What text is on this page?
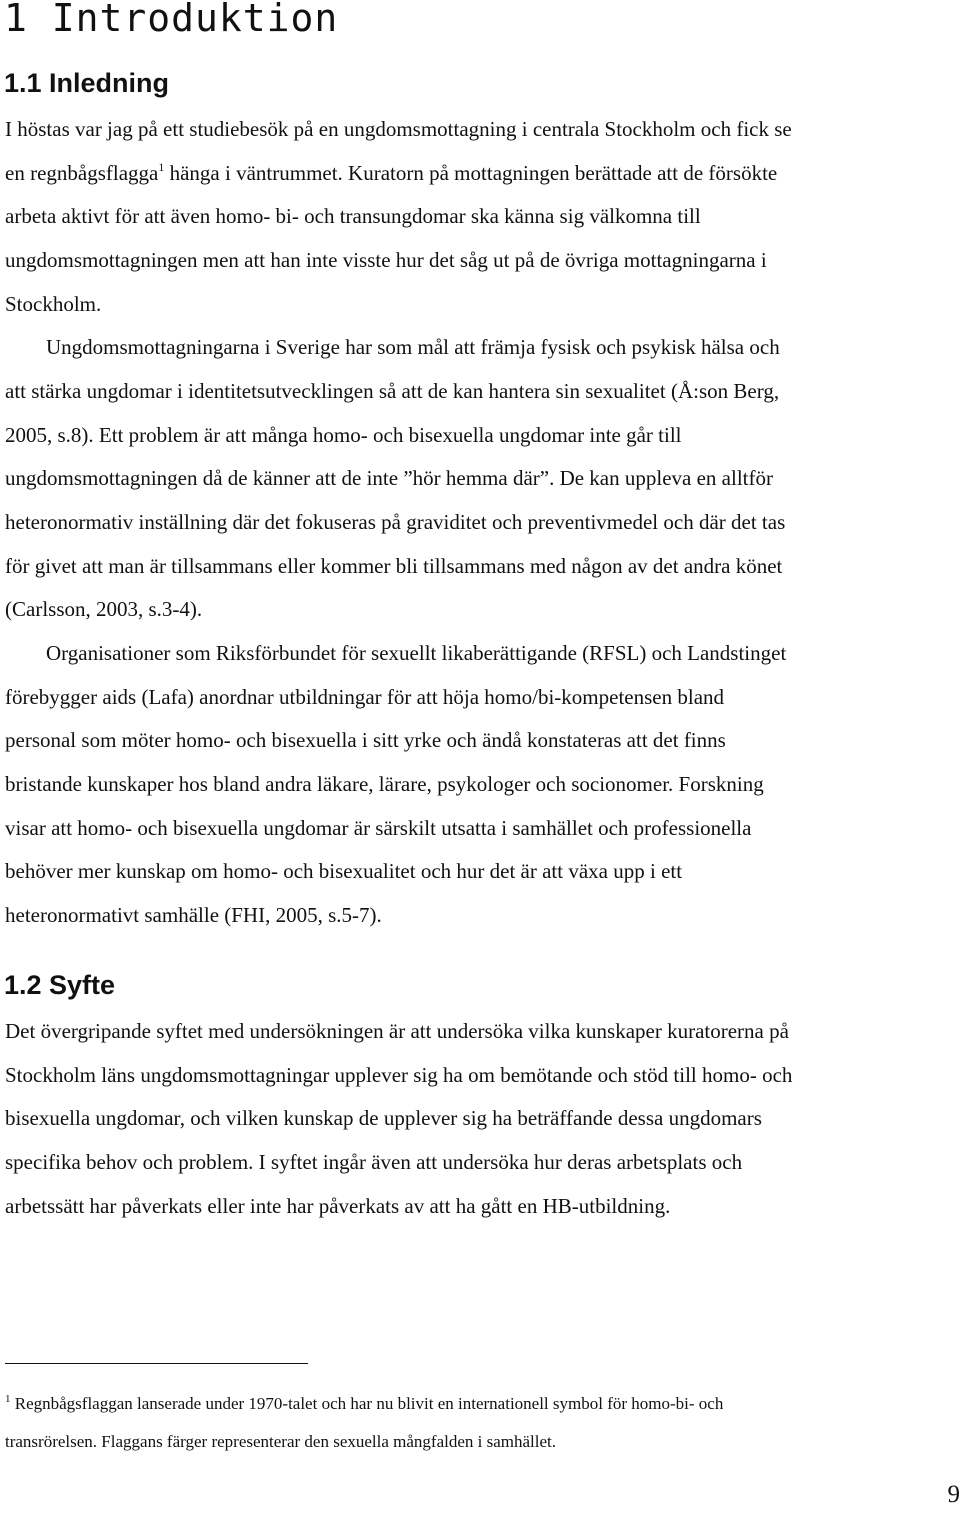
1 Introduktion
1.1 Inledning
I höstas var jag på ett studiebesök på en ungdomsmottagning i centrala Stockholm och fick se
en regnbågsflagga$^1$ hänga i väntrummet. Kuratorn på mottagningen berättade att de försökte
arbeta aktivt för att även homo- bi- och transungdomar ska känna sig välkomna till
ungdomsmottagningen men att han inte visste hur det såg ut på de övriga mottagningarna i
Stockholm.
Ungdomsmottagningarna i Sverige har som mål att främja fysisk och psykisk hälsa och
att stärka ungdomar i identitetsutvecklingen så att de kan hantera sin sexualitet (Å:son Berg,
2005, s.8). Ett problem är att många homo- och bisexuella ungdomar inte går till
ungdomsmottagningen då de känner att de inte ”hör hemma där”. De kan uppleva en alltför
heteronormativ inställning där det fokuseras på graviditet och preventivmedel och där det tas
för givet att man är tillsammans eller kommer bli tillsammans med någon av det andra könet
(Carlsson, 2003, s.3-4).
Organisationer som Riksförbundet för sexuellt likaberättigande (RFSL) och Landstinget
förebygger aids (Lafa) anordnar utbildningar för att höja homo/bi-kompetensen bland
personal som möter homo- och bisexuella i sitt yrke och ändå konstateras att det finns
bristande kunskaper hos bland andra läkare, lärare, psykologer och socionomer. Forskning
visar att homo- och bisexuella ungdomar är särskilt utsatta i samhället och professionella
behöver mer kunskap om homo- och bisexualitet och hur det är att växa upp i ett
heteronormativt samhälle (FHI, 2005, s.5-7).
1.2 Syfte
Det övergripande syftet med undersökningen är att undersöka vilka kunskaper kuratorerna på
Stockholm läns ungdomsmottagningar upplever sig ha om bemötande och stöd till homo- och
bisexuella ungdomar, och vilken kunskap de upplever sig ha beträffande dessa ungdomars
specifika behov och problem. I syftet ingår även att undersöka hur deras arbetsplats och
arbetssätt har påverkats eller inte har påverkats av att ha gått en HB-utbildning.
$^1$ Regnbågsflaggan lanserade under 1970-talet och har nu blivit en internationell symbol för homo-bi- och
transrörelsen. Flaggans färger representerar den sexuella mångfalden i samhället.
9
